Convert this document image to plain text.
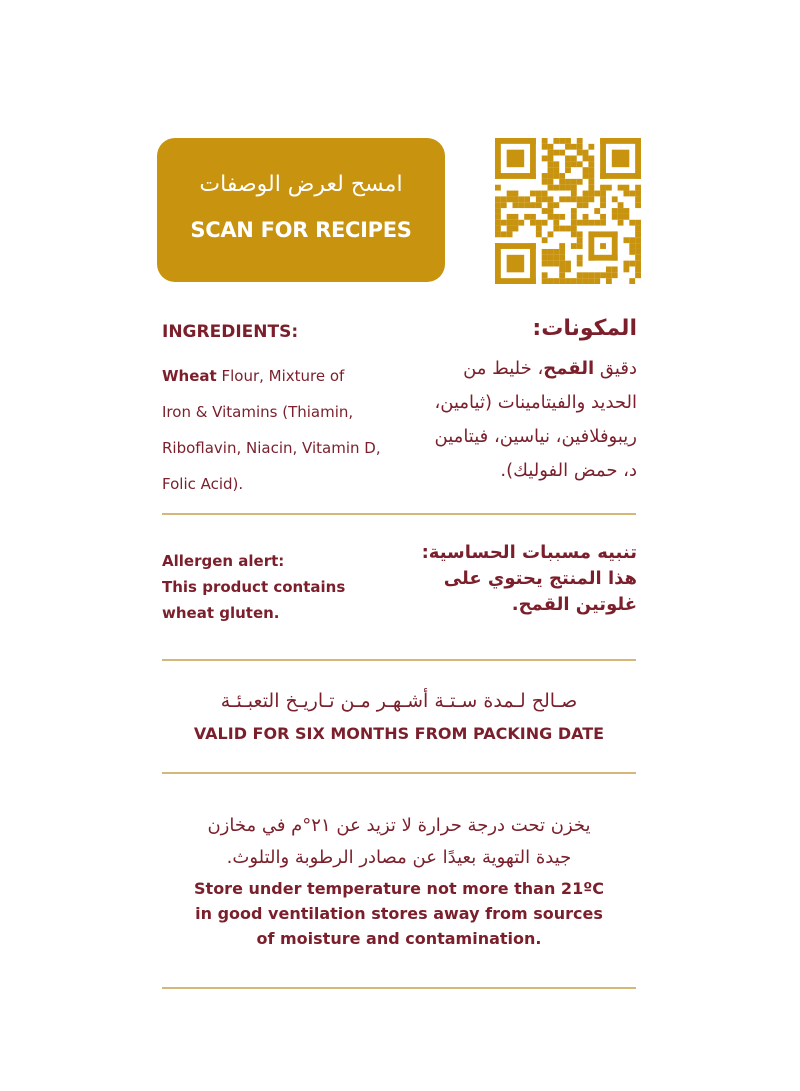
امسح لعرض الوصفات
SCAN FOR RECIPES
INGREDIENTS:	المكونات:
Wheat Flour, Mixture of
Iron & Vitamins (Thiamin,
Riboflavin, Niacin, Vitamin D,
Folic Acid).
دقيق القمح، خليط من
الحديد والفيتامينات (ثيامين،
ريبوفلافين، نياسين، فيتامين
د، حمض الفوليك).
Allergen alert:
This product contains
wheat gluten.
تنبيه مسببات الحساسية:
هذا المنتج يحتوي على
غلوتين القمح.
صـالح لـمدة سـتـة أشـهـر مـن تـاريـخ التعبـئـة
VALID FOR SIX MONTHS FROM PACKING DATE
يخزن تحت درجة حرارة لا تزيد عن ٢١°م في مخازن
جيدة التهوية بعيدًا عن مصادر الرطوبة والتلوث.
Store under temperature not more than 21ºC
in good ventilation stores away from sources
of moisture and contamination.
